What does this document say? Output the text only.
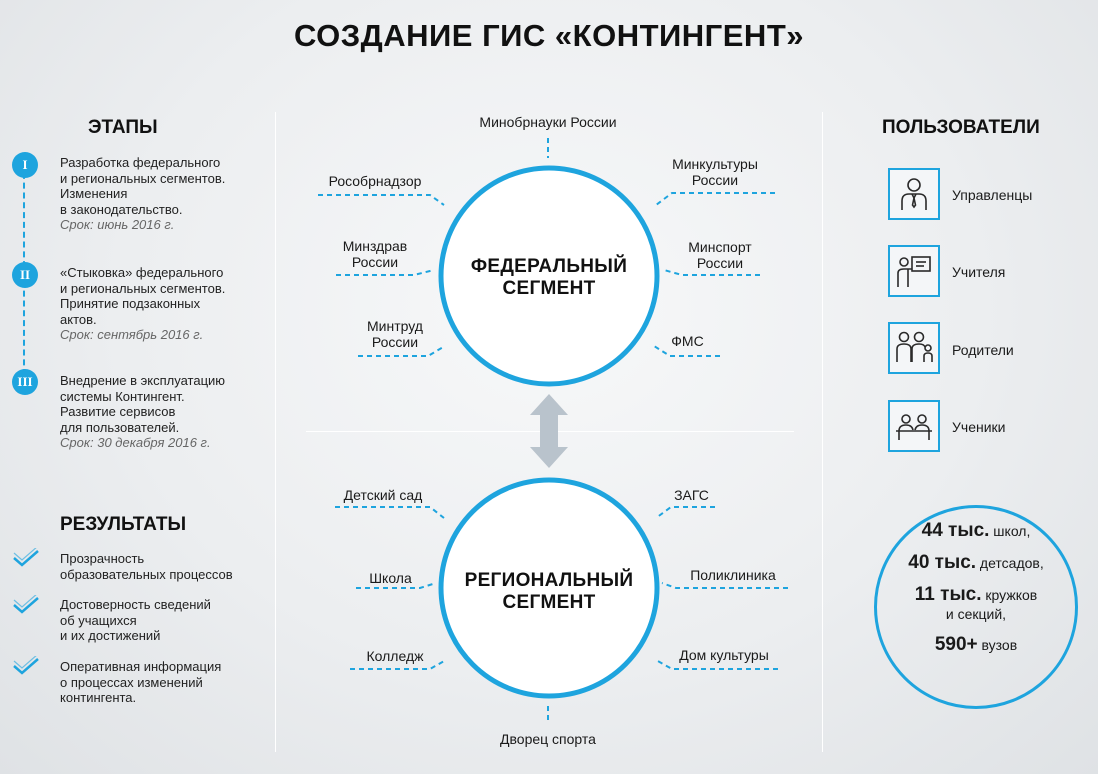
СОЗДАНИЕ ГИС «КОНТИНГЕНТ»
ЭТАПЫ
I	Разработка федерального
и региональных сегментов.
Изменения
в законодательство.
Срок: июнь 2016 г.
II	«Стыковка» федерального
и региональных сегментов.
Принятие подзаконных
актов.
Срок: сентябрь 2016 г.
III	Внедрение в эксплуатацию
системы Контингент.
Развитие сервисов
для пользователей.
Срок: 30 декабря 2016 г.
РЕЗУЛЬТАТЫ
Прозрачность
образовательных процессов
Достоверность сведений
об учащихся
и их достижений
Оперативная информация
о процессах изменений
контингента.
ФЕДЕРАЛЬНЫЙ
СЕГМЕНТ
РЕГИОНАЛЬНЫЙ
СЕГМЕНТ
Минобрнауки России
Рособрнадзор
Минздрав
России
Минтруд
России
Минкультуры
России
Минспорт
России
ФМС
Детский сад
Школа
Колледж
ЗАГС
Поликлиника
Дом культуры
Дворец спорта
ПОЛЬЗОВАТЕЛИ
Управленцы
Учителя
Родители
Ученики
44 тыс. школ,
40 тыс. детсадов,
11 тыс. кружков
и секций,
590+ вузов
